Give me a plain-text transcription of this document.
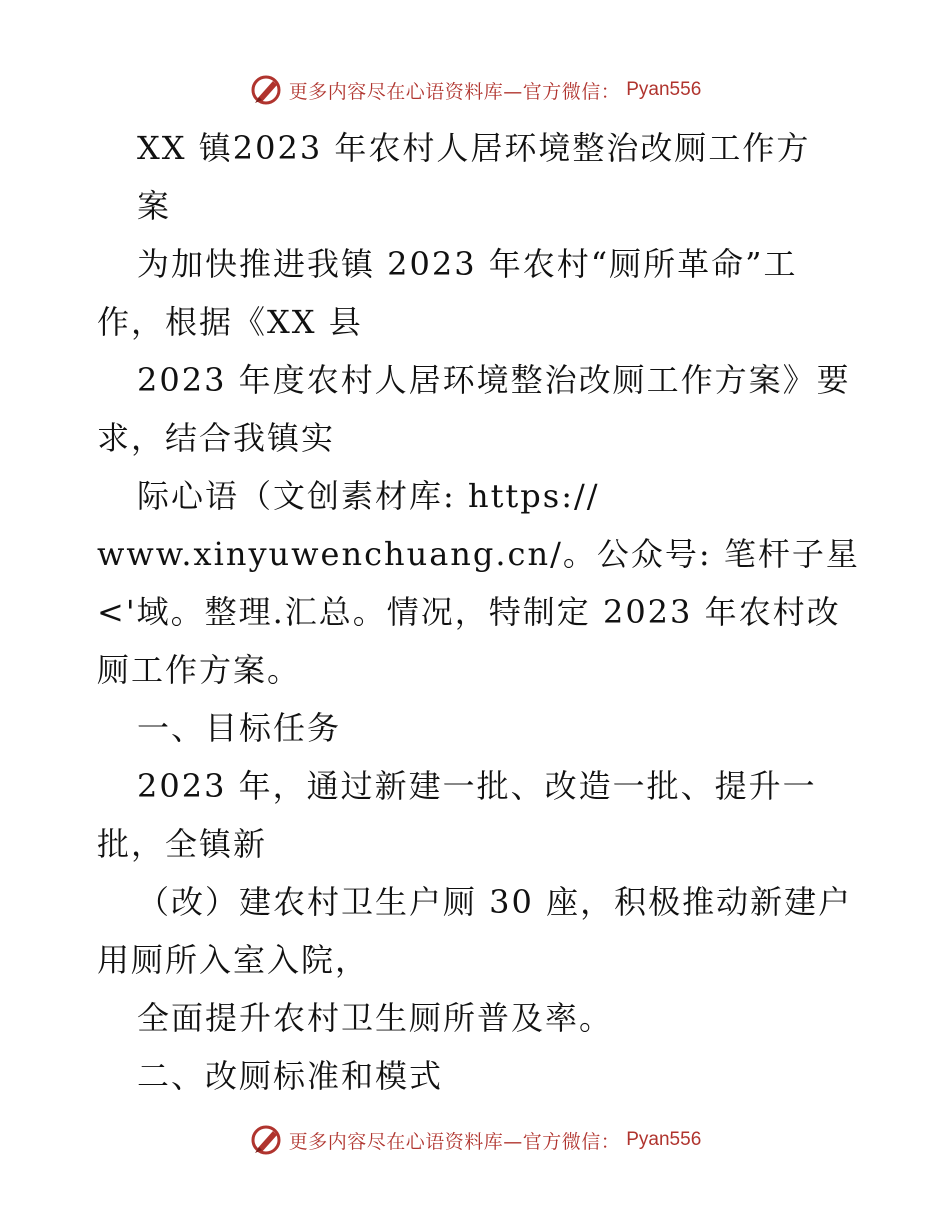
更多内容尽在心语资料库—官方微信： Pyan556
XX 镇2023 年农村人居环境整治改厕工作方
案
为加快推进我镇 2023 年农村“厕所革命”工
作，根据《XX 县
2023 年度农村人居环境整治改厕工作方案》要
求，结合我镇实
际心语（文创素材库: https://
www.xinyuwenchuang.cn/。公众号: 笔杆子星
<'域。整理.汇总。情况，特制定 2023 年农村改
厕工作方案。
一、目标任务
2023 年，通过新建一批、改造一批、提升一
批，全镇新
（改）建农村卫生户厕 30 座，积极推动新建户
用厕所入室入院，
全面提升农村卫生厕所普及率。
二、改厕标准和模式
更多内容尽在心语资料库—官方微信： Pyan556
